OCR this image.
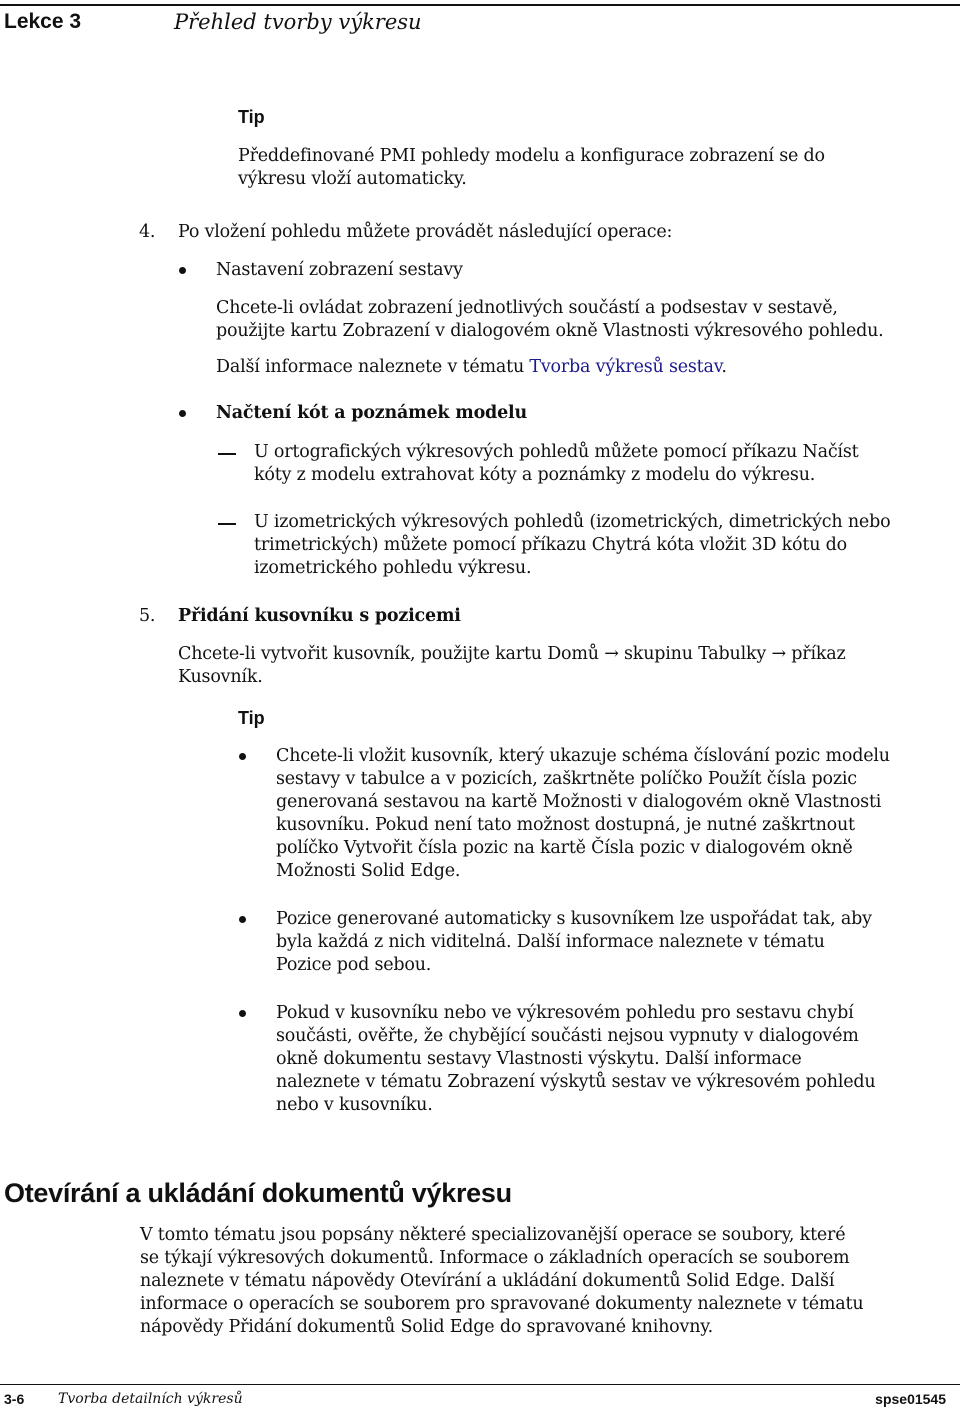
Lekce 3	Přehled tvorby výkresu
Tip
Předdefinované PMI pohledy modelu a konfigurace zobrazení se do
výkresu vloží automaticky.
4. Po vložení pohledu můžete provádět následující operace:
Nastavení zobrazení sestavy
Chcete-li ovládat zobrazení jednotlivých součástí a podsestav v sestavě,
použijte kartu Zobrazení v dialogovém okně Vlastnosti výkresového pohledu.
Další informace naleznete v tématu Tvorba výkresů sestav.
Načtení kót a poznámek modelu
U ortografických výkresových pohledů můžete pomocí příkazu Načíst
kóty z modelu extrahovat kóty a poznámky z modelu do výkresu.
U izometrických výkresových pohledů (izometrických, dimetrických nebo
trimetrických) můžete pomocí příkazu Chytrá kóta vložit 3D kótu do
izometrického pohledu výkresu.
5. Přidání kusovníku s pozicemi
Chcete-li vytvořit kusovník, použijte kartu Domů → skupinu Tabulky → příkaz
Kusovník.
Tip
Chcete-li vložit kusovník, který ukazuje schéma číslování pozic modelu
sestavy v tabulce a v pozicích, zaškrtněte políčko Použít čísla pozic
generovaná sestavou na kartě Možnosti v dialogovém okně Vlastnosti
kusovníku. Pokud není tato možnost dostupná, je nutné zaškrtnout
políčko Vytvořit čísla pozic na kartě Čísla pozic v dialogovém okně
Možnosti Solid Edge.
Pozice generované automaticky s kusovníkem lze uspořádat tak, aby
byla každá z nich viditelná. Další informace naleznete v tématu
Pozice pod sebou.
Pokud v kusovníku nebo ve výkresovém pohledu pro sestavu chybí
součásti, ověřte, že chybějící součásti nejsou vypnuty v dialogovém
okně dokumentu sestavy Vlastnosti výskytu. Další informace
naleznete v tématu Zobrazení výskytů sestav ve výkresovém pohledu
nebo v kusovníku.
Otevírání a ukládání dokumentů výkresu
V tomto tématu jsou popsány některé specializovanější operace se soubory, které
se týkají výkresových dokumentů. Informace o základních operacích se souborem
naleznete v tématu nápovědy Otevírání a ukládání dokumentů Solid Edge. Další
informace o operacích se souborem pro spravované dokumenty naleznete v tématu
nápovědy Přidání dokumentů Solid Edge do spravované knihovny.
3-6 Tvorba detailních výkresů	spse01545
